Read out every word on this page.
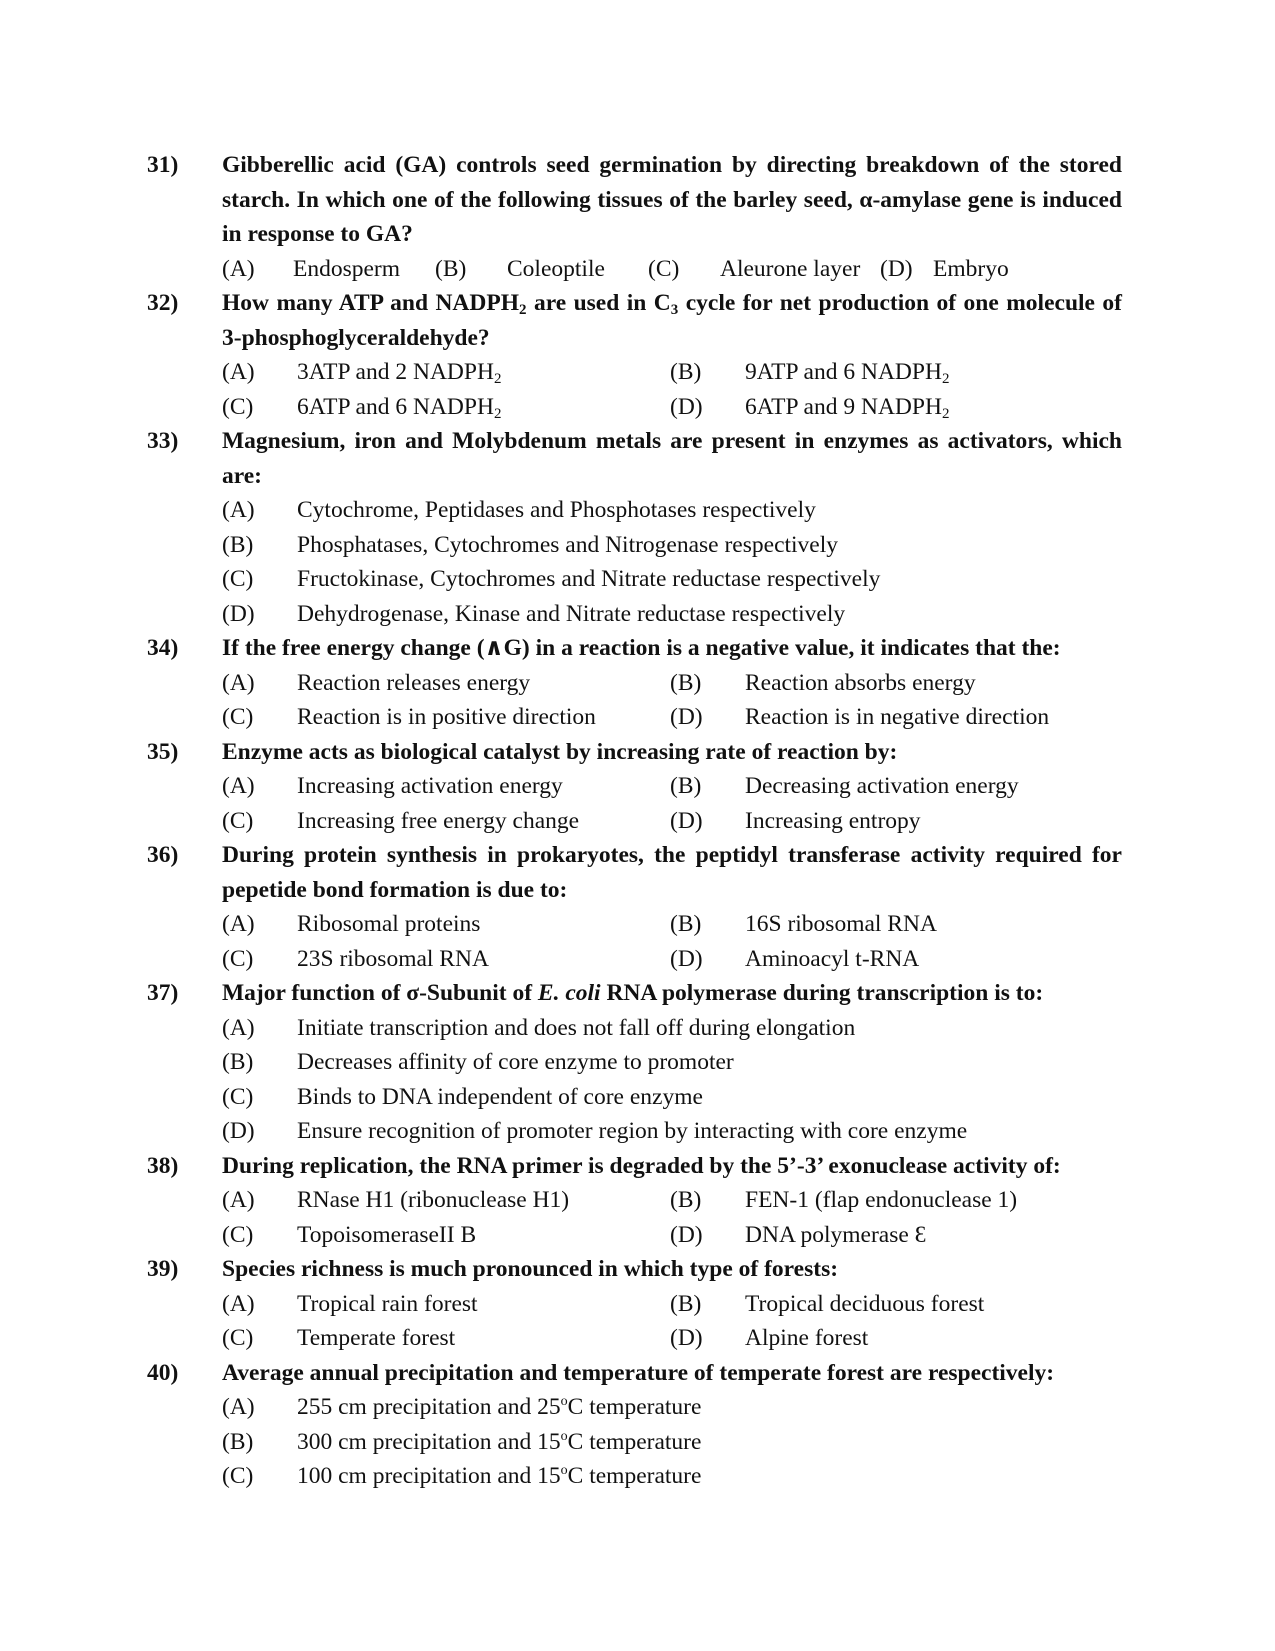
31)	Gibberellic acid (GA) controls seed germination by directing breakdown of the stored starch. In which one of the following tissues of the barley seed, α-amylase gene is induced in response to GA?
(A) Endosperm (B) Coleoptile (C) Aleurone layer (D) Embryo
32)	How many ATP and $NADPH_2$ are used in $C_3$ cycle for net production of one molecule of 3-phosphoglyceraldehyde?
(A) 3ATP and 2 $NADPH_2$	(B) 9ATP and 6 $NADPH_2$
(C) 6ATP and 6 $NADPH_2$	(D) 6ATP and 9 $NADPH_2$
33)	Magnesium, iron and Molybdenum metals are present in enzymes as activators, which are:
(A) Cytochrome, Peptidases and Phosphotases respectively
(B) Phosphatases, Cytochromes and Nitrogenase respectively
(C) Fructokinase, Cytochromes and Nitrate reductase respectively
(D) Dehydrogenase, Kinase and Nitrate reductase respectively
34)	If the free energy change (∧G) in a reaction is a negative value, it indicates that the:
(A) Reaction releases energy	(B) Reaction absorbs energy
(C) Reaction is in positive direction	(D) Reaction is in negative direction
35)	Enzyme acts as biological catalyst by increasing rate of reaction by:
(A) Increasing activation energy	(B) Decreasing activation energy
(C) Increasing free energy change	(D) Increasing entropy
36)	During protein synthesis in prokaryotes, the peptidyl transferase activity required for pepetide bond formation is due to:
(A) Ribosomal proteins	(B) 16S ribosomal RNA
(C) 23S ribosomal RNA	(D) Aminoacyl t-RNA
37)	Major function of σ-Subunit of E. coli RNA polymerase during transcription is to:
(A) Initiate transcription and does not fall off during elongation
(B) Decreases affinity of core enzyme to promoter
(C) Binds to DNA independent of core enzyme
(D) Ensure recognition of promoter region by interacting with core enzyme
38)	During replication, the RNA primer is degraded by the 5’-3’ exonuclease activity of:
(A) RNase H1 (ribonuclease H1)	(B) FEN-1 (flap endonuclease 1)
(C) TopoisomeraseII B	(D) DNA polymerase Ɛ
39)	Species richness is much pronounced in which type of forests:
(A) Tropical rain forest	(B) Tropical deciduous forest
(C) Temperate forest	(D) Alpine forest
40)	Average annual precipitation and temperature of temperate forest are respectively:
(A) 255 cm precipitation and 25$^o$C temperature
(B) 300 cm precipitation and 15$^o$C temperature
(C) 100 cm precipitation and 15$^o$C temperature
